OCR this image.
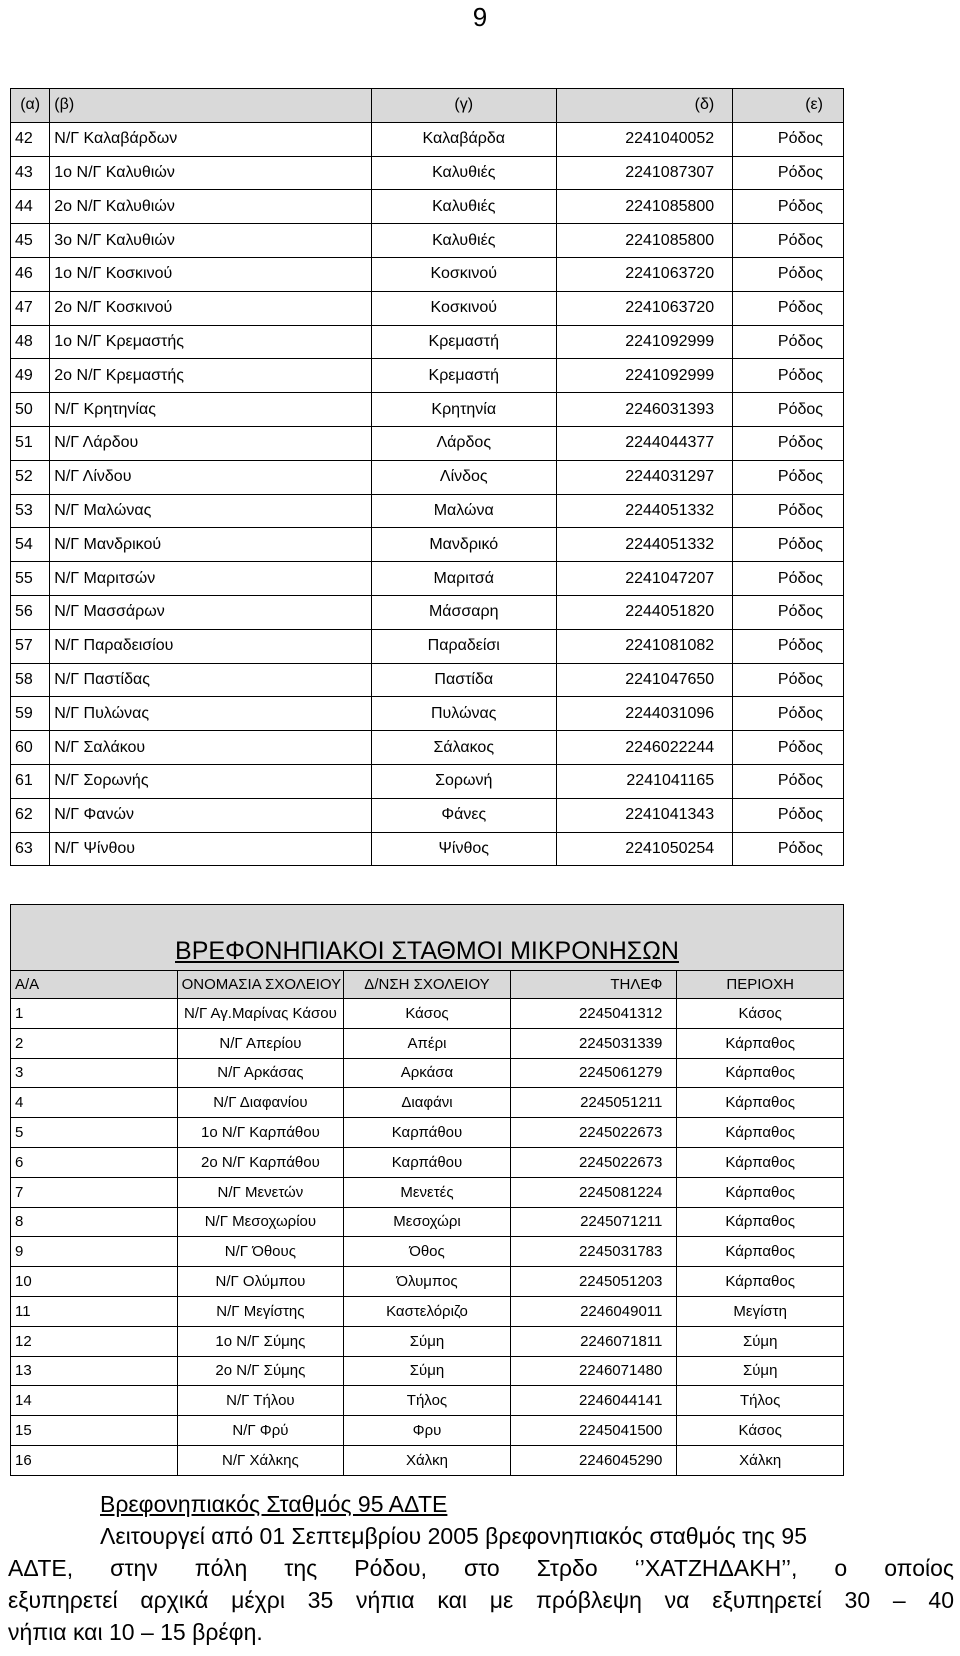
9
(α)	(β)	(γ)	(δ)	(ε)
42	Ν/Γ Καλαβάρδων	Καλαβάρδα	2241040052	Ρόδος
43	1ο Ν/Γ Καλυθιών	Καλυθιές	2241087307	Ρόδος
44	2ο Ν/Γ Καλυθιών	Καλυθιές	2241085800	Ρόδος
45	3ο Ν/Γ Καλυθιών	Καλυθιές	2241085800	Ρόδος
46	1ο Ν/Γ Κοσκινού	Κοσκινού	2241063720	Ρόδος
47	2ο Ν/Γ Κοσκινού	Κοσκινού	2241063720	Ρόδος
48	1ο Ν/Γ Κρεμαστής	Κρεμαστή	2241092999	Ρόδος
49	2ο Ν/Γ Κρεμαστής	Κρεμαστή	2241092999	Ρόδος
50	Ν/Γ Κρητηνίας	Κρητηνία	2246031393	Ρόδος
51	Ν/Γ Λάρδου	Λάρδος	2244044377	Ρόδος
52	Ν/Γ Λίνδου	Λίνδος	2244031297	Ρόδος
53	Ν/Γ Μαλώνας	Μαλώνα	2244051332	Ρόδος
54	Ν/Γ Μανδρικού	Μανδρικό	2244051332	Ρόδος
55	Ν/Γ Μαριτσών	Μαριτσά	2241047207	Ρόδος
56	Ν/Γ Μασσάρων	Μάσσαρη	2244051820	Ρόδος
57	Ν/Γ Παραδεισίου	Παραδείσι	2241081082	Ρόδος
58	Ν/Γ Παστίδας	Παστίδα	2241047650	Ρόδος
59	Ν/Γ Πυλώνας	Πυλώνας	2244031096	Ρόδος
60	Ν/Γ Σαλάκου	Σάλακος	2246022244	Ρόδος
61	Ν/Γ Σορωνής	Σορωνή	2241041165	Ρόδος
62	Ν/Γ Φανών	Φάνες	2241041343	Ρόδος
63	Ν/Γ Ψίνθου	Ψίνθος	2241050254	Ρόδος
ΒΡΕΦΟΝΗΠΙΑΚΟΙ ΣΤΑΘΜΟΙ ΜΙΚΡΟΝΗΣΩΝ				
Α/Α	ΟΝΟΜΑΣΙΑ ΣΧΟΛΕΙΟΥ	Δ/ΝΣΗ ΣΧΟΛΕΙΟΥ	ΤΗΛΕΦ	ΠΕΡΙΟΧΗ
1	Ν/Γ Αγ.Μαρίνας Κάσου	Κάσος	2245041312	Κάσος
2	Ν/Γ Απερίου	Απέρι	2245031339	Κάρπαθος
3	Ν/Γ Αρκάσας	Αρκάσα	2245061279	Κάρπαθος
4	Ν/Γ Διαφανίου	Διαφάνι	2245051211	Κάρπαθος
5	1ο Ν/Γ Καρπάθου	Καρπάθου	2245022673	Κάρπαθος
6	2ο Ν/Γ Καρπάθου	Καρπάθου	2245022673	Κάρπαθος
7	Ν/Γ Μενετών	Μενετές	2245081224	Κάρπαθος
8	Ν/Γ Μεσοχωρίου	Μεσοχώρι	2245071211	Κάρπαθος
9	Ν/Γ Όθους	Όθος	2245031783	Κάρπαθος
10	Ν/Γ Ολύμπου	Όλυμπος	2245051203	Κάρπαθος
11	Ν/Γ Μεγίστης	Καστελόριζο	2246049011	Μεγίστη
12	1ο Ν/Γ Σύμης	Σύμη	2246071811	Σύμη
13	2ο Ν/Γ Σύμης	Σύμη	2246071480	Σύμη
14	Ν/Γ Τήλου	Τήλος	2246044141	Τήλος
15	Ν/Γ Φρύ	Φρυ	2245041500	Κάσος
16	Ν/Γ Χάλκης	Χάλκη	2246045290	Χάλκη
Βρεφονηπιακός Σταθμός 95 ΑΔΤΕ
Λειτουργεί από 01 Σεπτεμβρίου 2005 βρεφονηπιακός σταθμός της 95
ΑΔΤΕ, στην πόλη της Ρόδου, στο Στρδο ‘’ΧΑΤΖΗΔΑΚΗ’’, ο οποίος
εξυπηρετεί αρχικά μέχρι 35 νήπια και με πρόβλεψη να εξυπηρετεί 30 – 40
νήπια και 10 – 15 βρέφη.
